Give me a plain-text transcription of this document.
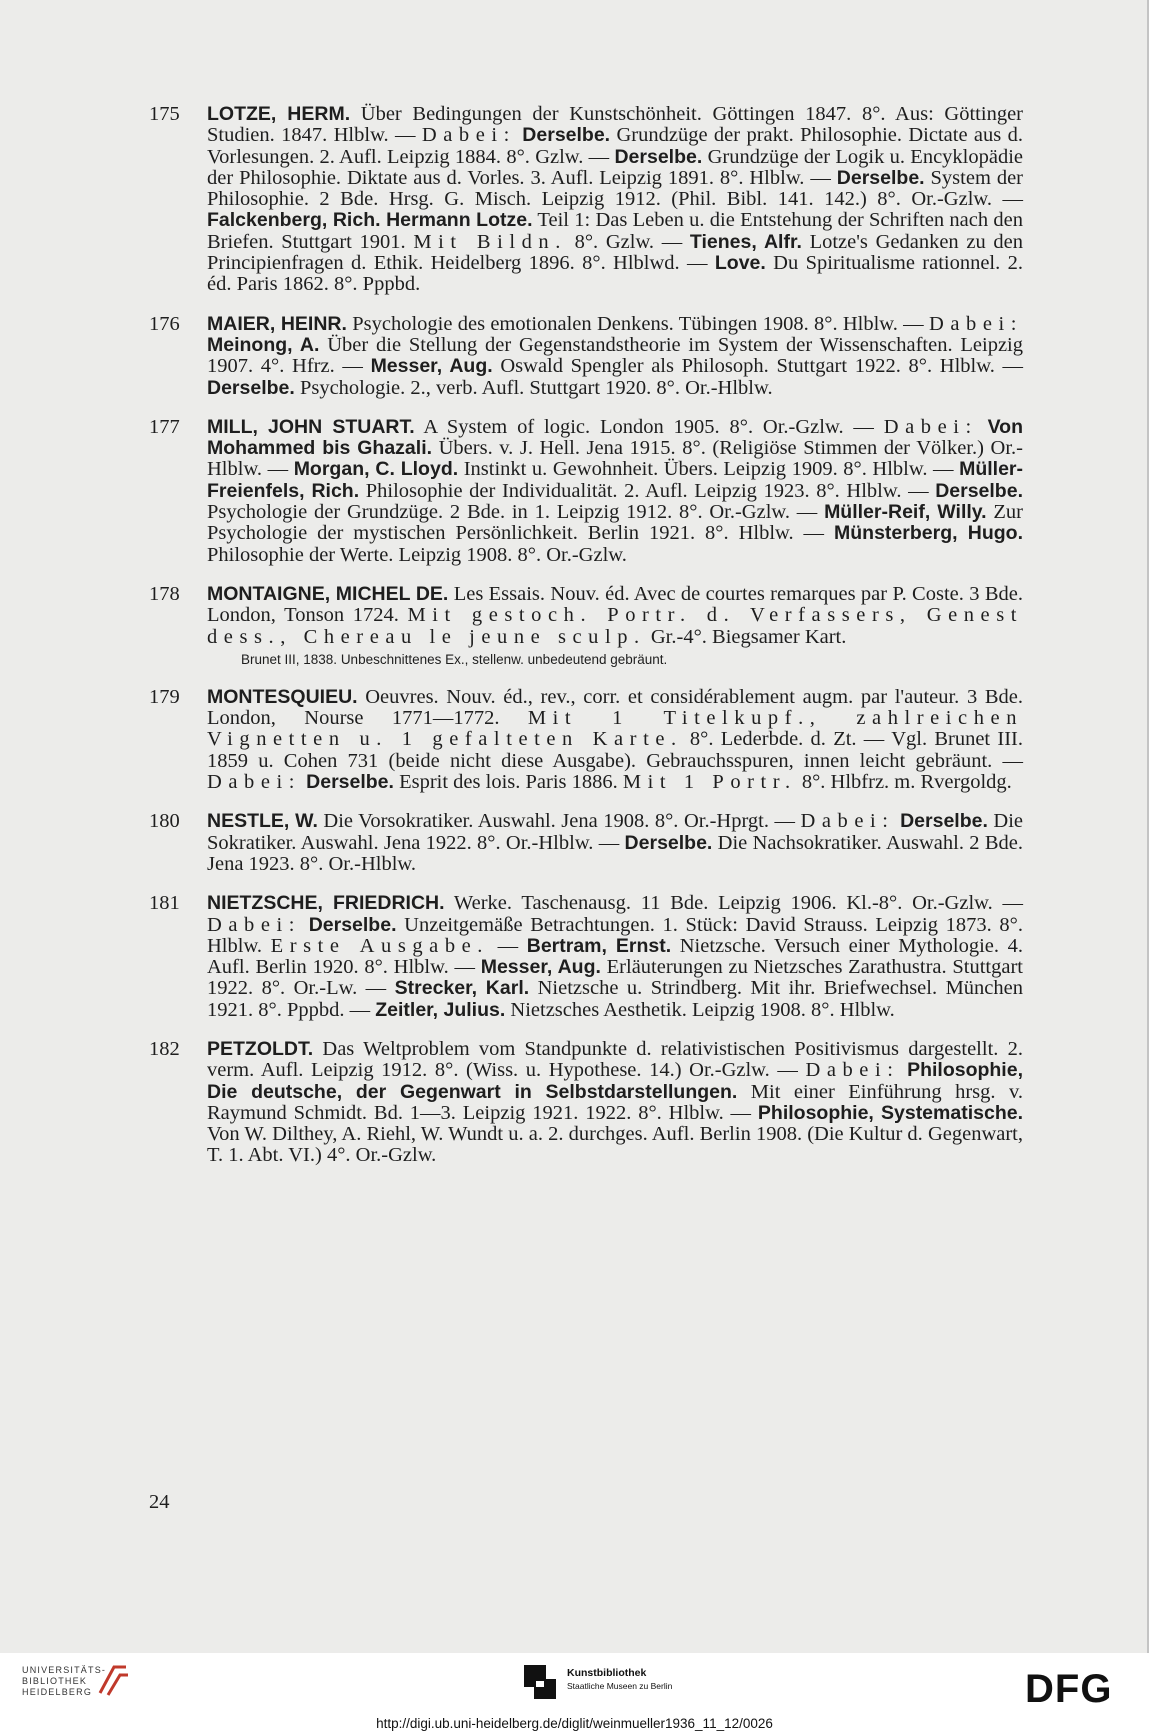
175	LOTZE, HERM. Über Bedingungen der Kunstschönheit. Göttingen 1847. 8°. Aus: Göttinger Studien. 1847. Hlblw. — Dabei: Derselbe. Grundzüge der prakt. Philosophie. Dictate aus d. Vorlesungen. 2. Aufl. Leipzig 1884. 8°. Gzlw. — Derselbe. Grundzüge der Logik u. Encyklopädie der Philosophie. Diktate aus d. Vorles. 3. Aufl. Leipzig 1891. 8°. Hlblw. — Derselbe. System der Philosophie. 2 Bde. Hrsg. G. Misch. Leipzig 1912. (Phil. Bibl. 141. 142.) 8°. Or.-Gzlw. — Falckenberg, Rich. Hermann Lotze. Teil 1: Das Leben u. die Entstehung der Schriften nach den Briefen. Stuttgart 1901. Mit Bildn. 8°. Gzlw. — Tienes, Alfr. Lotze's Gedanken zu den Principienfragen d. Ethik. Heidelberg 1896. 8°. Hlblwd. — Love. Du Spiritualisme rationnel. 2. éd. Paris 1862. 8°. Pppbd.
176	MAIER, HEINR. Psychologie des emotionalen Denkens. Tübingen 1908. 8°. Hlblw. — Dabei: Meinong, A. Über die Stellung der Gegenstandstheorie im System der Wissenschaften. Leipzig 1907. 4°. Hfrz. — Messer, Aug. Oswald Spengler als Philosoph. Stuttgart 1922. 8°. Hlblw. — Derselbe. Psychologie. 2., verb. Aufl. Stuttgart 1920. 8°. Or.-Hlblw.
177	MILL, JOHN STUART. A System of logic. London 1905. 8°. Or.-Gzlw. — Dabei: Von Mohammed bis Ghazali. Übers. v. J. Hell. Jena 1915. 8°. (Religiöse Stimmen der Völker.) Or.-Hlblw. — Morgan, C. Lloyd. Instinkt u. Gewohnheit. Übers. Leipzig 1909. 8°. Hlblw. — Müller-Freienfels, Rich. Philosophie der Individualität. 2. Aufl. Leipzig 1923. 8°. Hlblw. — Derselbe. Psychologie der Grundzüge. 2 Bde. in 1. Leipzig 1912. 8°. Or.-Gzlw. — Müller-Reif, Willy. Zur Psychologie der mystischen Persönlichkeit. Berlin 1921. 8°. Hlblw. — Münsterberg, Hugo. Philosophie der Werte. Leipzig 1908. 8°. Or.-Gzlw.
178	MONTAIGNE, MICHEL DE. Les Essais. Nouv. éd. Avec de courtes remarques par P. Coste. 3 Bde. London, Tonson 1724. Mit gestoch. Portr. d. Verfassers, Genest dess., Chereau le jeune sculp. Gr.-4°. Biegsamer Kart.
Brunet III, 1838. Unbeschnittenes Ex., stellenw. unbedeutend gebräunt.
179	MONTESQUIEU. Oeuvres. Nouv. éd., rev., corr. et considérablement augm. par l'auteur. 3 Bde. London, Nourse 1771—1772. Mit 1 Titelkupf., zahlreichen Vignetten u. 1 gefalteten Karte. 8°. Lederbde. d. Zt. — Vgl. Brunet III. 1859 u. Cohen 731 (beide nicht diese Ausgabe). Gebrauchsspuren, innen leicht gebräunt. — Dabei: Derselbe. Esprit des lois. Paris 1886. Mit 1 Portr. 8°. Hlbfrz. m. Rvergoldg.
180	NESTLE, W. Die Vorsokratiker. Auswahl. Jena 1908. 8°. Or.-Hprgt. — Dabei: Derselbe. Die Sokratiker. Auswahl. Jena 1922. 8°. Or.-Hlblw. — Derselbe. Die Nachsokratiker. Auswahl. 2 Bde. Jena 1923. 8°. Or.-Hlblw.
181	NIETZSCHE, FRIEDRICH. Werke. Taschenausg. 11 Bde. Leipzig 1906. Kl.-8°. Or.-Gzlw. — Dabei: Derselbe. Unzeitgemäße Betrachtungen. 1. Stück: David Strauss. Leipzig 1873. 8°. Hlblw. Erste Ausgabe. — Bertram, Ernst. Nietzsche. Versuch einer Mythologie. 4. Aufl. Berlin 1920. 8°. Hlblw. — Messer, Aug. Erläuterungen zu Nietzsches Zarathustra. Stuttgart 1922. 8°. Or.-Lw. — Strecker, Karl. Nietzsche u. Strindberg. Mit ihr. Briefwechsel. München 1921. 8°. Pppbd. — Zeitler, Julius. Nietzsches Aesthetik. Leipzig 1908. 8°. Hlblw.
182	PETZOLDT. Das Weltproblem vom Standpunkte d. relativistischen Positivismus dargestellt. 2. verm. Aufl. Leipzig 1912. 8°. (Wiss. u. Hypothese. 14.) Or.-Gzlw. — Dabei: Philosophie, Die deutsche, der Gegenwart in Selbstdarstellungen. Mit einer Einführung hrsg. v. Raymund Schmidt. Bd. 1—3. Leipzig 1921. 1922. 8°. Hlblw. — Philosophie, Systematische. Von W. Dilthey, A. Riehl, W. Wundt u. a. 2. durchges. Aufl. Berlin 1908. (Die Kultur d. Gegenwart, T. 1. Abt. VI.) 4°. Or.-Gzlw.
24
UNIVERSITÄTS-
BIBLIOTHEK
HEIDELBERG
Kunstbibliothek
Staatliche Museen zu Berlin	DFG
http://digi.ub.uni-heidelberg.de/diglit/weinmueller1936_11_12/0026
